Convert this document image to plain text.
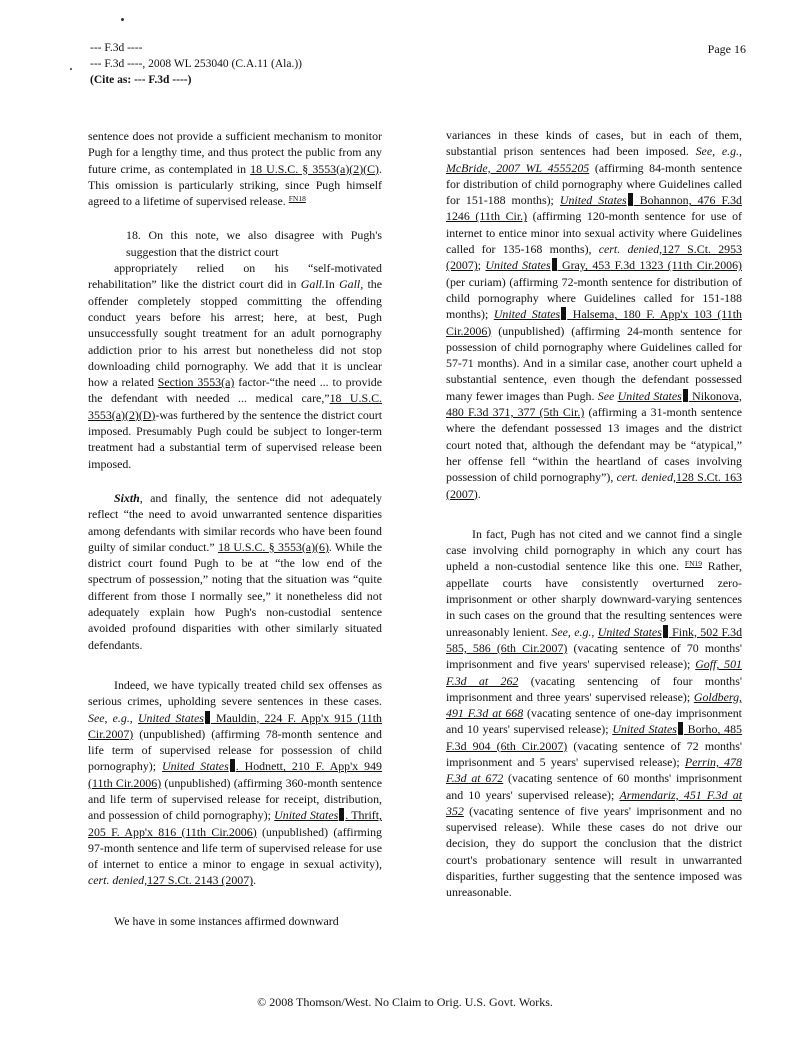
--- F.3d ----
--- F.3d ----, 2008 WL 253040 (C.A.11 (Ala.))
(Cite as: --- F.3d ----)
Page 16

sentence does not provide a sufficient mechanism to monitor Pugh for a lengthy time, and thus protect the public from any future crime, as contemplated in 18 U.S.C. § 3553(a)(2)(C). This omission is particularly striking, since Pugh himself agreed to a lifetime of supervised release. $^{FN18}$

18. On this note, we also disagree with Pugh's suggestion that the district court

appropriately relied on his “self-motivated rehabilitation” like the district court did in Gall.In Gall, the offender completely stopped committing the offending conduct years before his arrest; here, at best, Pugh unsuccessfully sought treatment for an adult pornography addiction prior to his arrest but nonetheless did not stop downloading child pornography. We add that it is unclear how a related Section 3553(a) factor-“the need ... to provide the defendant with needed ... medical care,”18 U.S.C. 3553(a)(2)(D)-was furthered by the sentence the district court imposed. Presumably Pugh could be subject to longer-term treatment had a substantial term of supervised release been imposed.

Sixth, and finally, the sentence did not adequately reflect “the need to avoid unwarranted sentence disparities among defendants with similar records who have been found guilty of similar conduct.” 18 U.S.C. § 3553(a)(6). While the district court found Pugh to be at “the low end of the spectrum of possession,” noting that the situation was “quite different from those I normally see,” it nonetheless did not adequately explain how Pugh's non-custodial sentence avoided profound disparities with other similarly situated defendants.

Indeed, we have typically treated child sex offenses as serious crimes, upholding severe sentences in these cases. See, e.g., United States Mauldin, 224 F. App'x 915 (11th Cir.2007) (unpublished) (affirming 78-month sentence and life term of supervised release for possession of child pornography); United States . Hodnett, 210 F. App'x 949 (11th Cir.2006) (unpublished) (affirming 360-month sentence and life term of supervised release for receipt, distribution, and possession of child pornography); United States . Thrift, 205 F. App'x 816 (11th Cir.2006) (unpublished) (affirming 97-month sentence and life term of supervised release for use of internet to entice a minor to engage in sexual activity), cert. denied,127 S.Ct. 2143 (2007).

We have in some instances affirmed downward

variances in these kinds of cases, but in each of them, substantial prison sentences had been imposed. See, e.g., McBride, 2007 WL 4555205 (affirming 84-month sentence for distribution of child pornography where Guidelines called for 151-188 months); United States Bohannon, 476 F.3d 1246 (11th Cir.) (affirming 120-month sentence for use of internet to entice minor into sexual activity where Guidelines called for 135-168 months), cert. denied,127 S.Ct. 2953 (2007); United States Gray, 453 F.3d 1323 (11th Cir.2006) (per curiam) (affirming 72-month sentence for distribution of child pornography where Guidelines called for 151-188 months); United States Halsema, 180 F. App'x 103 (11th Cir.2006) (unpublished) (affirming 24-month sentence for possession of child pornography where Guidelines called for 57-71 months). And in a similar case, another court upheld a substantial sentence, even though the defendant possessed many fewer images than Pugh. See United States Nikonova, 480 F.3d 371, 377 (5th Cir.) (affirming a 31-month sentence where the defendant possessed 13 images and the district court noted that, although the defendant may be “atypical,” her offense fell “within the heartland of cases involving possession of child pornography”), cert. denied,128 S.Ct. 163 (2007).

In fact, Pugh has not cited and we cannot find a single case involving child pornography in which any court has upheld a non-custodial sentence like this one. $^{FN19}$ Rather, appellate courts have consistently overturned zero-imprisonment or other sharply downward-varying sentences in such cases on the ground that the resulting sentences were unreasonably lenient. See, e.g., United States Fink, 502 F.3d 585, 586 (6th Cir.2007) (vacating sentence of 70 months' imprisonment and five years' supervised release); Goff, 501 F.3d at 262 (vacating sentencing of four months' imprisonment and three years' supervised release); Goldberg, 491 F.3d at 668 (vacating sentence of one-day imprisonment and 10 years' supervised release); United States Borho, 485 F.3d 904 (6th Cir.2007) (vacating sentence of 72 months' imprisonment and 5 years' supervised release); Perrin, 478 F.3d at 672 (vacating sentence of 60 months' imprisonment and 10 years' supervised release); Armendariz, 451 F.3d at 352 (vacating sentence of five years' imprisonment and no supervised release). While these cases do not drive our decision, they do support the conclusion that the district court's probationary sentence will result in unwarranted disparities, further suggesting that the sentence imposed was unreasonable.

© 2008 Thomson/West. No Claim to Orig. U.S. Govt. Works.
